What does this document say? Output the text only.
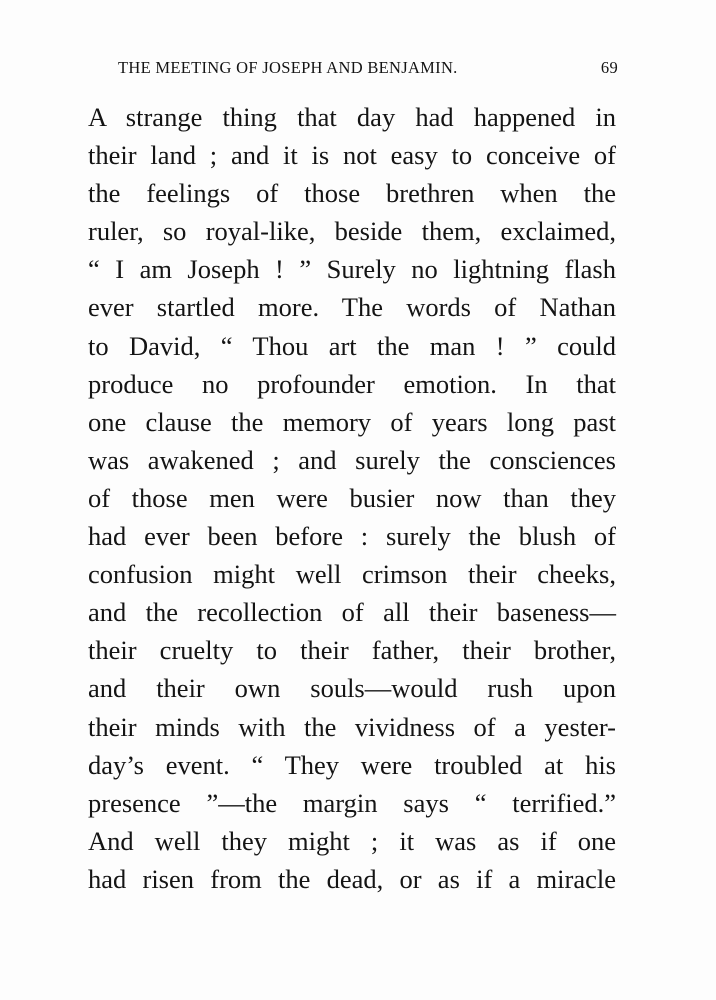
THE MEETING OF JOSEPH AND BENJAMIN.	69
A strange thing that day had happened in
their land ; and it is not easy to conceive of
the feelings of those brethren when the
ruler, so royal-like, beside them, exclaimed,
“ I am Joseph ! ” Surely no lightning flash
ever startled more. The words of Nathan
to David, “ Thou art the man ! ” could
produce no profounder emotion. In that
one clause the memory of years long past
was awakened ; and surely the consciences
of those men were busier now than they
had ever been before : surely the blush of
confusion might well crimson their cheeks,
and the recollection of all their baseness—
their cruelty to their father, their brother,
and their own souls—would rush upon
their minds with the vividness of a yester-
day’s event. “ They were troubled at his
presence ”—the margin says “ terrified.”
And well they might ; it was as if one
had risen from the dead, or as if a miracle
